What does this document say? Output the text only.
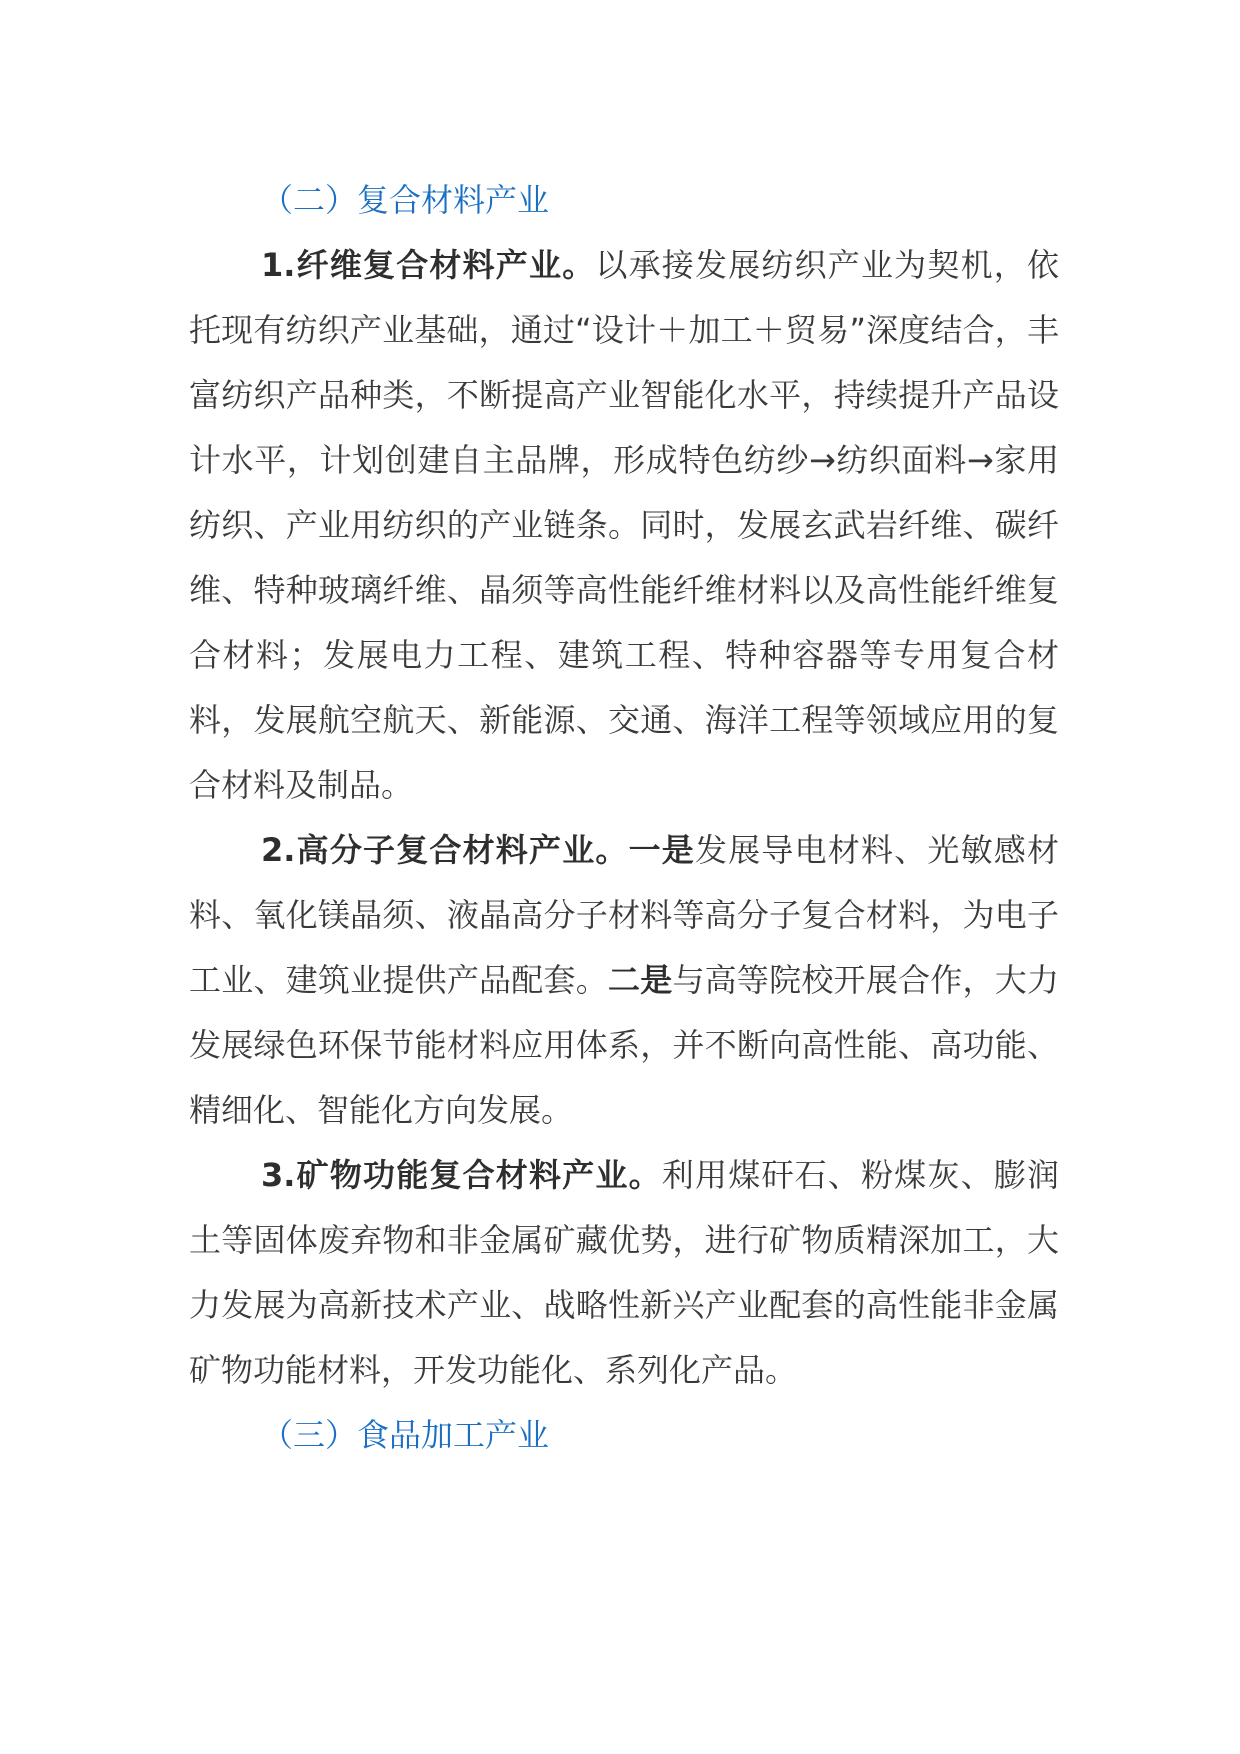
（二）复合材料产业

1.纤维复合材料产业。以承接发展纺织产业为契机，依托现有纺织产业基础，通过“设计＋加工＋贸易”深度结合，丰富纺织产品种类，不断提高产业智能化水平，持续提升产品设计水平，计划创建自主品牌，形成特色纺纱→纺织面料→家用纺织、产业用纺织的产业链条。同时，发展玄武岩纤维、碳纤维、特种玻璃纤维、晶须等高性能纤维材料以及高性能纤维复合材料；发展电力工程、建筑工程、特种容器等专用复合材料，发展航空航天、新能源、交通、海洋工程等领域应用的复合材料及制品。

2.高分子复合材料产业。一是发展导电材料、光敏感材料、氧化镁晶须、液晶高分子材料等高分子复合材料，为电子工业、建筑业提供产品配套。二是与高等院校开展合作，大力发展绿色环保节能材料应用体系，并不断向高性能、高功能、精细化、智能化方向发展。

3.矿物功能复合材料产业。利用煤矸石、粉煤灰、膨润土等固体废弃物和非金属矿藏优势，进行矿物质精深加工，大力发展为高新技术产业、战略性新兴产业配套的高性能非金属矿物功能材料，开发功能化、系列化产品。

（三）食品加工产业
